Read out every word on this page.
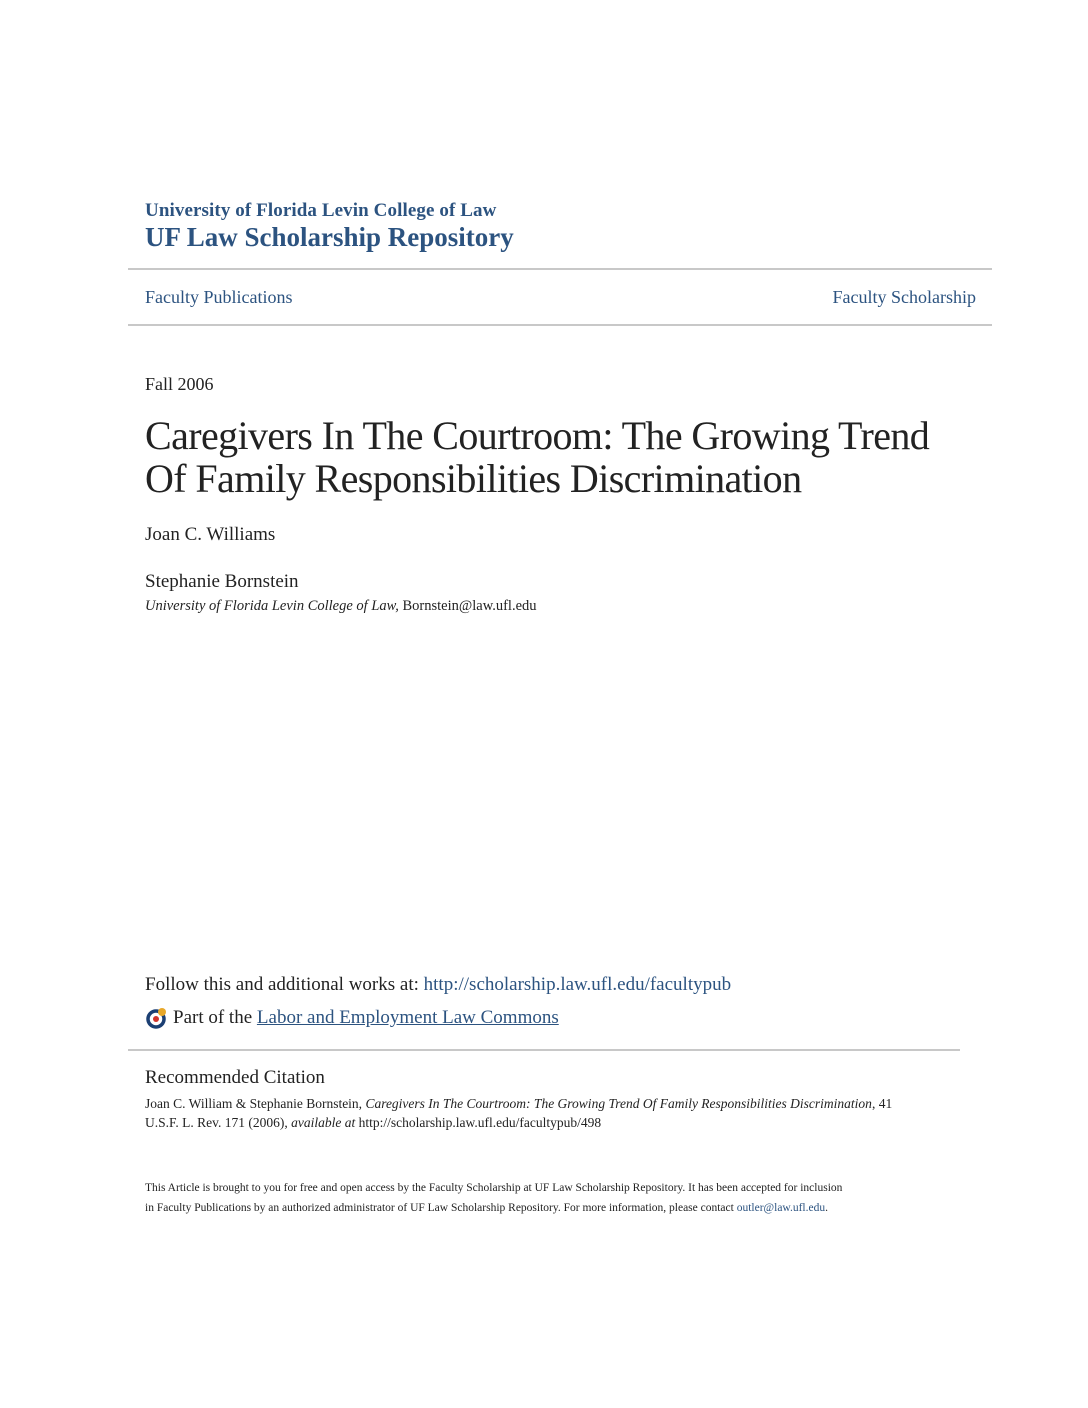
University of Florida Levin College of Law
UF Law Scholarship Repository
Faculty Publications	Faculty Scholarship
Fall 2006
Caregivers In The Courtroom: The Growing Trend
Of Family Responsibilities Discrimination
Joan C. Williams
Stephanie Bornstein
University of Florida Levin College of Law, Bornstein@law.ufl.edu
Follow this and additional works at: http://scholarship.law.ufl.edu/facultypub
Part of the
Labor and Employment Law Commons
Recommended Citation
Joan C. William & Stephanie Bornstein, Caregivers In The Courtroom: The Growing Trend Of Family Responsibilities Discrimination, 41
U.S.F. L. Rev. 171 (2006), available at http://scholarship.law.ufl.edu/facultypub/498
This Article is brought to you for free and open access by the Faculty Scholarship at UF Law Scholarship Repository. It has been accepted for inclusion
in Faculty Publications by an authorized administrator of UF Law Scholarship Repository. For more information, please contact outler@law.ufl.edu.
